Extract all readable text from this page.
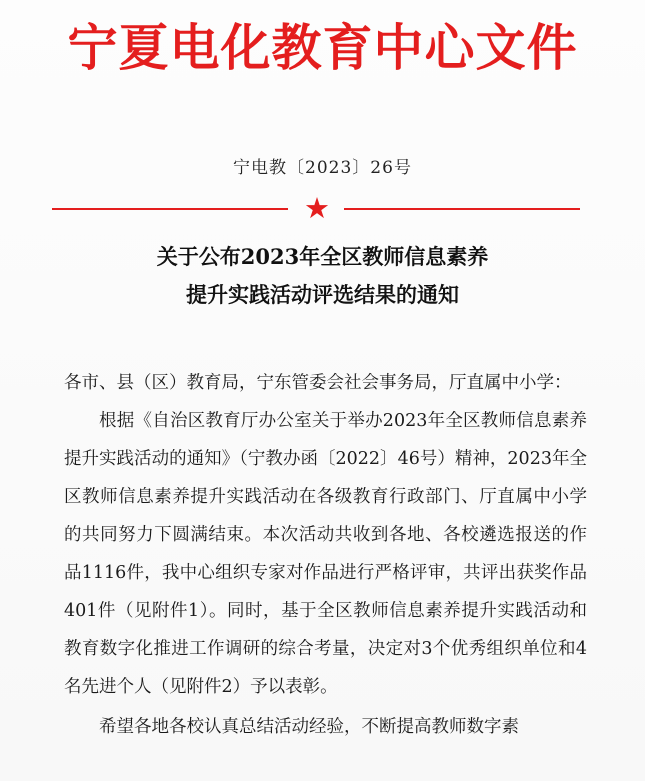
宁夏电化教育中心文件
宁电教〔2023〕26号
★
关于公布2023年全区教师信息素养
提升实践活动评选结果的通知

各市、县（区）教育局，宁东管委会社会事务局，厅直属中小学：

根据《自治区教育厅办公室关于举办2023年全区教师信息素养提升实践活动的通知》（宁教办函〔2022〕46号）精神，2023年全区教师信息素养提升实践活动在各级教育行政部门、厅直属中小学的共同努力下圆满结束。本次活动共收到各地、各校遴选报送的作品1116件，我中心组织专家对作品进行严格评审，共评出获奖作品401件（见附件1）。同时，基于全区教师信息素养提升实践活动和教育数字化推进工作调研的综合考量，决定对3个优秀组织单位和4名先进个人（见附件2）予以表彰。

希望各地各校认真总结活动经验，不断提高教师数字素
